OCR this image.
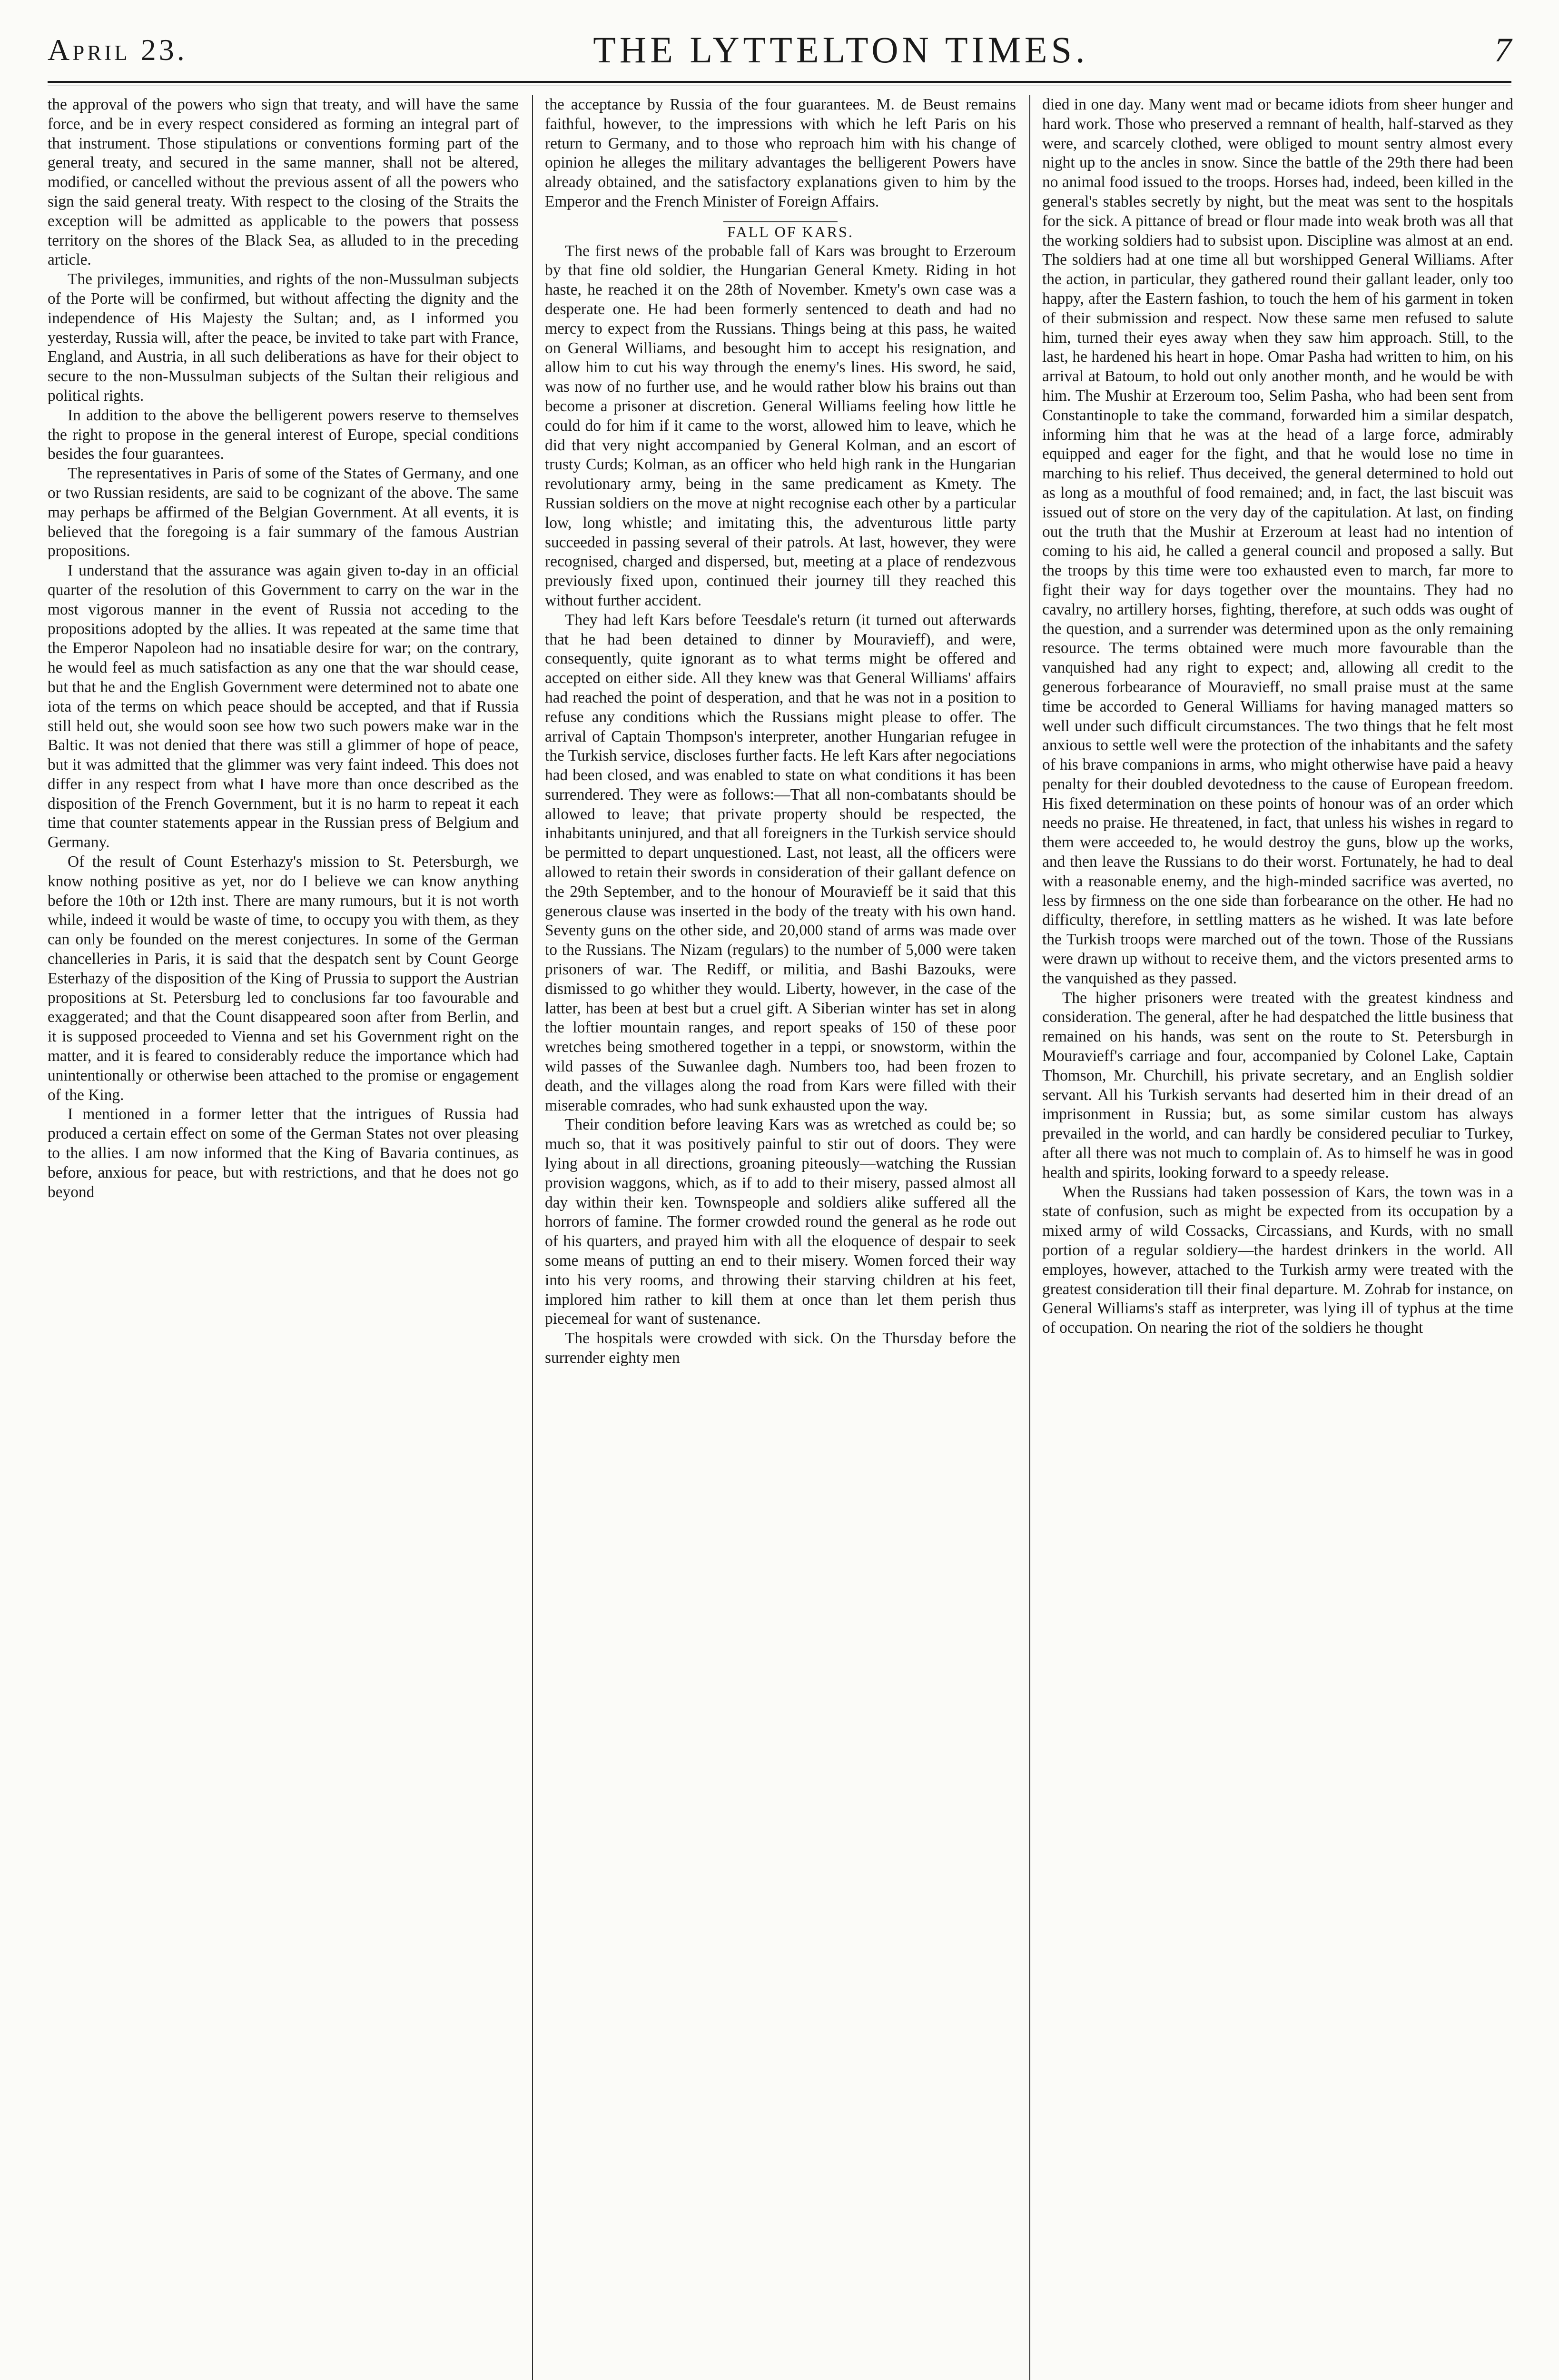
April 23.	THE LYTTELTON TIMES.	7

the approval of the powers who sign that treaty, and will have the same force, and be in every respect considered as forming an integral part of that instrument. Those stipulations or conventions forming part of the general treaty, and secured in the same manner, shall not be altered, modified, or cancelled without the previous assent of all the powers who sign the said general treaty. With respect to the closing of the Straits the exception will be admitted as applicable to the powers that possess territory on the shores of the Black Sea, as alluded to in the preceding article.

The privileges, immunities, and rights of the non-Mussulman subjects of the Porte will be confirmed, but without affecting the dignity and the independence of His Majesty the Sultan; and, as I informed you yesterday, Russia will, after the peace, be invited to take part with France, England, and Austria, in all such deliberations as have for their object to secure to the non-Mussulman subjects of the Sultan their religious and political rights.

In addition to the above the belligerent powers reserve to themselves the right to propose in the general interest of Europe, special conditions besides the four guarantees.

The representatives in Paris of some of the States of Germany, and one or two Russian residents, are said to be cognizant of the above. The same may perhaps be affirmed of the Belgian Government. At all events, it is believed that the foregoing is a fair summary of the famous Austrian propositions.

I understand that the assurance was again given to-day in an official quarter of the resolution of this Government to carry on the war in the most vigorous manner in the event of Russia not acceding to the propositions adopted by the allies. It was repeated at the same time that the Emperor Napoleon had no insatiable desire for war; on the contrary, he would feel as much satisfaction as any one that the war should cease, but that he and the English Government were determined not to abate one iota of the terms on which peace should be accepted, and that if Russia still held out, she would soon see how two such powers make war in the Baltic. It was not denied that there was still a glimmer of hope of peace, but it was admitted that the glimmer was very faint indeed. This does not differ in any respect from what I have more than once described as the disposition of the French Government, but it is no harm to repeat it each time that counter statements appear in the Russian press of Belgium and Germany.

Of the result of Count Esterhazy's mission to St. Petersburgh, we know nothing positive as yet, nor do I believe we can know anything before the 10th or 12th inst. There are many rumours, but it is not worth while, indeed it would be waste of time, to occupy you with them, as they can only be founded on the merest conjectures. In some of the German chancelleries in Paris, it is said that the despatch sent by Count George Esterhazy of the disposition of the King of Prussia to support the Austrian propositions at St. Petersburg led to conclusions far too favourable and exaggerated; and that the Count disappeared soon after from Berlin, and it is supposed proceeded to Vienna and set his Government right on the matter, and it is feared to considerably reduce the importance which had unintentionally or otherwise been attached to the promise or engagement of the King.

I mentioned in a former letter that the intrigues of Russia had produced a certain effect on some of the German States not over pleasing to the allies. I am now informed that the King of Bavaria continues, as before, anxious for peace, but with restrictions, and that he does not go beyond

the acceptance by Russia of the four guarantees. M. de Beust remains faithful, however, to the impressions with which he left Paris on his return to Germany, and to those who reproach him with his change of opinion he alleges the military advantages the belligerent Powers have already obtained, and the satisfactory explanations given to him by the Emperor and the French Minister of Foreign Affairs.

FALL OF KARS.

The first news of the probable fall of Kars was brought to Erzeroum by that fine old soldier, the Hungarian General Kmety. Riding in hot haste, he reached it on the 28th of November. Kmety's own case was a desperate one. He had been formerly sentenced to death and had no mercy to expect from the Russians. Things being at this pass, he waited on General Williams, and besought him to accept his resignation, and allow him to cut his way through the enemy's lines. His sword, he said, was now of no further use, and he would rather blow his brains out than become a prisoner at discretion. General Williams feeling how little he could do for him if it came to the worst, allowed him to leave, which he did that very night accompanied by General Kolman, and an escort of trusty Curds; Kolman, as an officer who held high rank in the Hungarian revolutionary army, being in the same predicament as Kmety. The Russian soldiers on the move at night recognise each other by a particular low, long whistle; and imitating this, the adventurous little party succeeded in passing several of their patrols. At last, however, they were recognised, charged and dispersed, but, meeting at a place of rendezvous previously fixed upon, continued their journey till they reached this without further accident.

They had left Kars before Teesdale's return (it turned out afterwards that he had been detained to dinner by Mouravieff), and were, consequently, quite ignorant as to what terms might be offered and accepted on either side. All they knew was that General Williams' affairs had reached the point of desperation, and that he was not in a position to refuse any conditions which the Russians might please to offer. The arrival of Captain Thompson's interpreter, another Hungarian refugee in the Turkish service, discloses further facts. He left Kars after negociations had been closed, and was enabled to state on what conditions it has been surrendered. They were as follows:—That all non-combatants should be allowed to leave; that private property should be respected, the inhabitants uninjured, and that all foreigners in the Turkish service should be permitted to depart unquestioned. Last, not least, all the officers were allowed to retain their swords in consideration of their gallant defence on the 29th September, and to the honour of Mouravieff be it said that this generous clause was inserted in the body of the treaty with his own hand. Seventy guns on the other side, and 20,000 stand of arms was made over to the Russians. The Nizam (regulars) to the number of 5,000 were taken prisoners of war. The Rediff, or militia, and Bashi Bazouks, were dismissed to go whither they would. Liberty, however, in the case of the latter, has been at best but a cruel gift. A Siberian winter has set in along the loftier mountain ranges, and report speaks of 150 of these poor wretches being smothered together in a teppi, or snowstorm, within the wild passes of the Suwanlee dagh. Numbers too, had been frozen to death, and the villages along the road from Kars were filled with their miserable comrades, who had sunk exhausted upon the way.

Their condition before leaving Kars was as wretched as could be; so much so, that it was positively painful to stir out of doors. They were lying about in all directions, groaning piteously—watching the Russian provision waggons, which, as if to add to their misery, passed almost all day within their ken. Townspeople and soldiers alike suffered all the horrors of famine. The former crowded round the general as he rode out of his quarters, and prayed him with all the eloquence of despair to seek some means of putting an end to their misery. Women forced their way into his very rooms, and throwing their starving children at his feet, implored him rather to kill them at once than let them perish thus piecemeal for want of sustenance.

The hospitals were crowded with sick. On the Thursday before the surrender eighty men

died in one day. Many went mad or became idiots from sheer hunger and hard work. Those who preserved a remnant of health, half-starved as they were, and scarcely clothed, were obliged to mount sentry almost every night up to the ancles in snow. Since the battle of the 29th there had been no animal food issued to the troops. Horses had, indeed, been killed in the general's stables secretly by night, but the meat was sent to the hospitals for the sick. A pittance of bread or flour made into weak broth was all that the working soldiers had to subsist upon. Discipline was almost at an end. The soldiers had at one time all but worshipped General Williams. After the action, in particular, they gathered round their gallant leader, only too happy, after the Eastern fashion, to touch the hem of his garment in token of their submission and respect. Now these same men refused to salute him, turned their eyes away when they saw him approach. Still, to the last, he hardened his heart in hope. Omar Pasha had written to him, on his arrival at Batoum, to hold out only another month, and he would be with him. The Mushir at Erzeroum too, Selim Pasha, who had been sent from Constantinople to take the command, forwarded him a similar despatch, informing him that he was at the head of a large force, admirably equipped and eager for the fight, and that he would lose no time in marching to his relief. Thus deceived, the general determined to hold out as long as a mouthful of food remained; and, in fact, the last biscuit was issued out of store on the very day of the capitulation. At last, on finding out the truth that the Mushir at Erzeroum at least had no intention of coming to his aid, he called a general council and proposed a sally. But the troops by this time were too exhausted even to march, far more to fight their way for days together over the mountains. They had no cavalry, no artillery horses, fighting, therefore, at such odds was ought of the question, and a surrender was determined upon as the only remaining resource. The terms obtained were much more favourable than the vanquished had any right to expect; and, allowing all credit to the generous forbearance of Mouravieff, no small praise must at the same time be accorded to General Williams for having managed matters so well under such difficult circumstances. The two things that he felt most anxious to settle well were the protection of the inhabitants and the safety of his brave companions in arms, who might otherwise have paid a heavy penalty for their doubled devotedness to the cause of European freedom. His fixed determination on these points of honour was of an order which needs no praise. He threatened, in fact, that unless his wishes in regard to them were acceeded to, he would destroy the guns, blow up the works, and then leave the Russians to do their worst. Fortunately, he had to deal with a reasonable enemy, and the high-minded sacrifice was averted, no less by firmness on the one side than forbearance on the other. He had no difficulty, therefore, in settling matters as he wished. It was late before the Turkish troops were marched out of the town. Those of the Russians were drawn up without to receive them, and the victors presented arms to the vanquished as they passed.

The higher prisoners were treated with the greatest kindness and consideration. The general, after he had despatched the little business that remained on his hands, was sent on the route to St. Petersburgh in Mouravieff's carriage and four, accompanied by Colonel Lake, Captain Thomson, Mr. Churchill, his private secretary, and an English soldier servant. All his Turkish servants had deserted him in their dread of an imprisonment in Russia; but, as some similar custom has always prevailed in the world, and can hardly be considered peculiar to Turkey, after all there was not much to complain of. As to himself he was in good health and spirits, looking forward to a speedy release.

When the Russians had taken possession of Kars, the town was in a state of confusion, such as might be expected from its occupation by a mixed army of wild Cossacks, Circassians, and Kurds, with no small portion of a regular soldiery—the hardest drinkers in the world. All employes, however, attached to the Turkish army were treated with the greatest consideration till their final departure. M. Zohrab for instance, on General Williams's staff as interpreter, was lying ill of typhus at the time of occupation. On nearing the riot of the soldiers he thought
